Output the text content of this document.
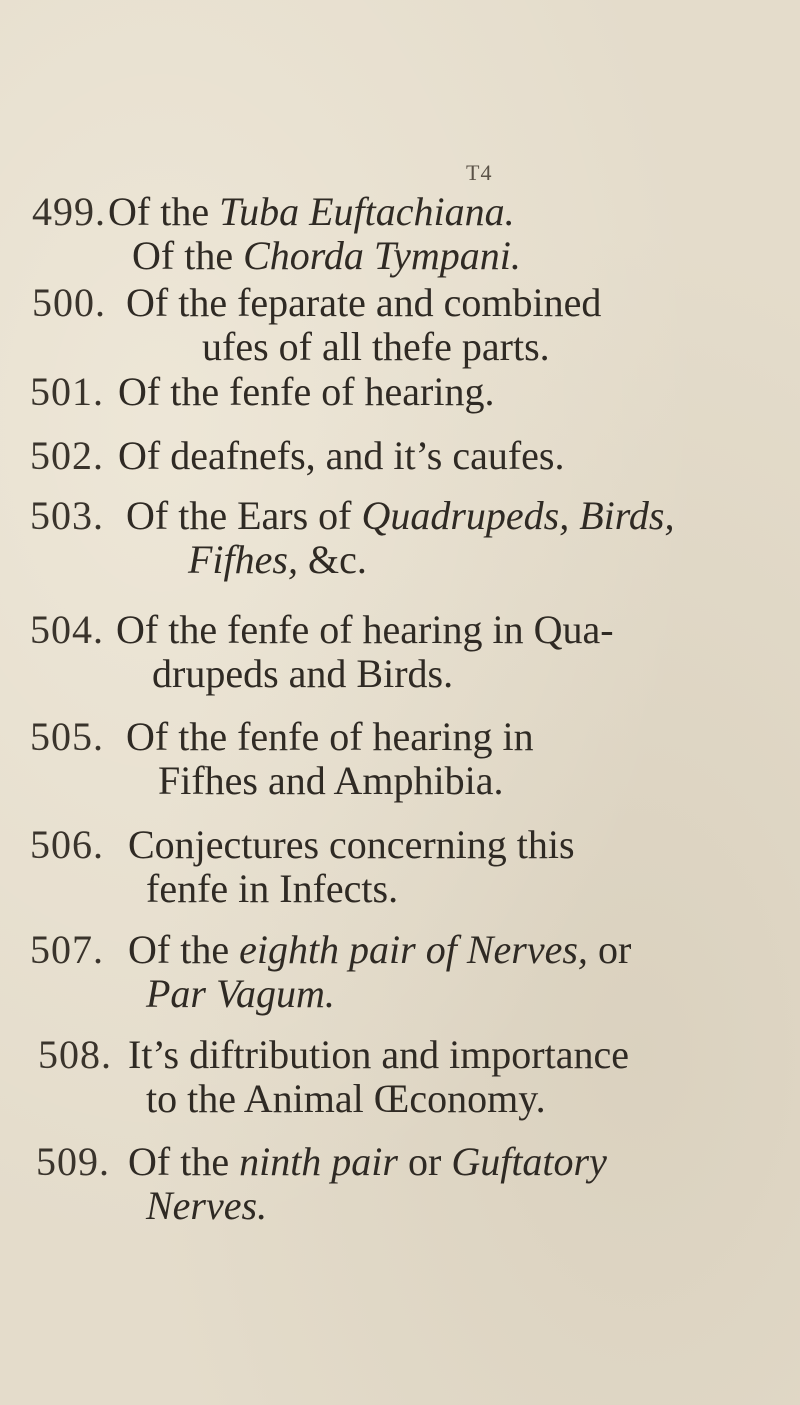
T4
499. Of the Tuba Euftachiana.
Of the Chorda Tympani.
500. Of the feparate and combined
ufes of all thefe parts.
501. Of the fenfe of hearing.
502. Of deafnefs, and it’s caufes.
503. Of the Ears of Quadrupeds, Birds,
Fifhes, &c.
504. Of the fenfe of hearing in Qua-
drupeds and Birds.
505. Of the fenfe of hearing in
Fifhes and Amphibia.
506. Conjectures concerning this
fenfe in Infects.
507. Of the eighth pair of Nerves, or
Par Vagum.
508. It’s diftribution and importance
to the Animal Œconomy.
509. Of the ninth pair or Guftatory
Nerves.
